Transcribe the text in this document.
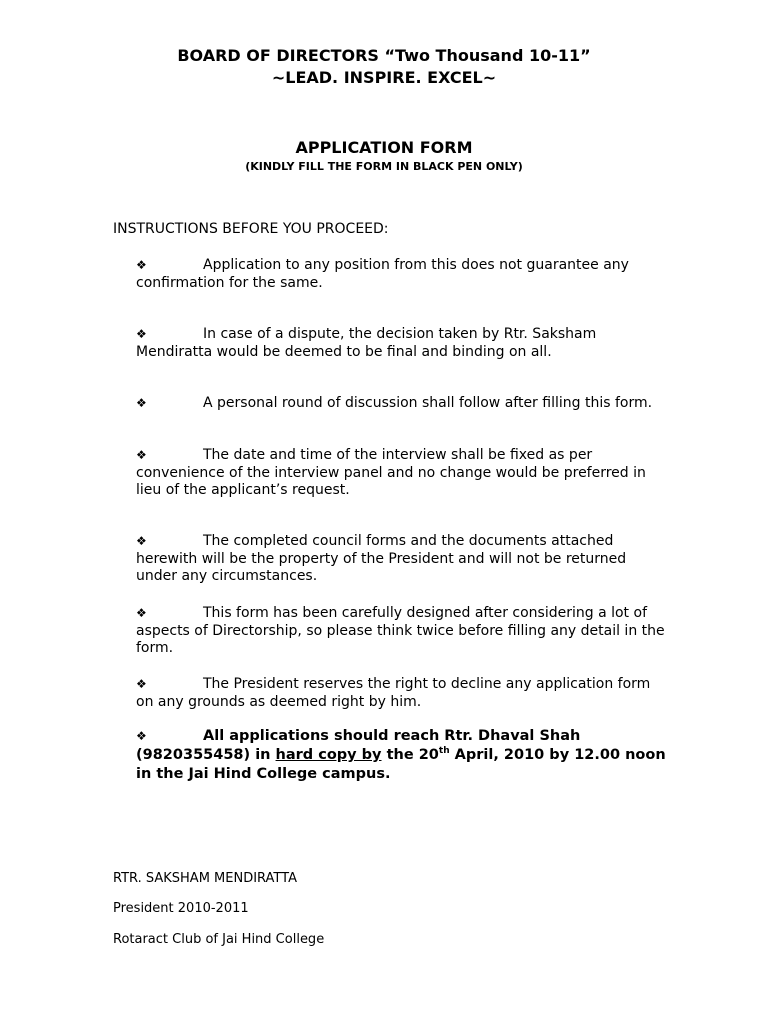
BOARD OF DIRECTORS “Two Thousand 10-11”

~LEAD. INSPIRE. EXCEL~

APPLICATION FORM

(KINDLY FILL THE FORM IN BLACK PEN ONLY)

INSTRUCTIONS BEFORE YOU PROCEED:

❖	Application to any position from this does not guarantee any confirmation for the same.
❖	In case of a dispute, the decision taken by Rtr. Saksham Mendiratta would be deemed to be final and binding on all.
❖	A personal round of discussion shall follow after filling this form.
❖	The date and time of the interview shall be fixed as per convenience of the interview panel and no change would be preferred in lieu of the applicant’s request.
❖	The completed council forms and the documents attached herewith will be the property of the President and will not be returned under any circumstances.
❖	This form has been carefully designed after considering a lot of aspects of Directorship, so please think twice before filling any detail in the form.
❖	The President reserves the right to decline any application form on any grounds as deemed right by him.
❖	All applications should reach Rtr. Dhaval Shah (9820355458) in hard copy by the 20th April, 2010 by 12.00 noon in the Jai Hind College campus.

RTR. SAKSHAM MENDIRATTA

President 2010-2011

Rotaract Club of Jai Hind College
